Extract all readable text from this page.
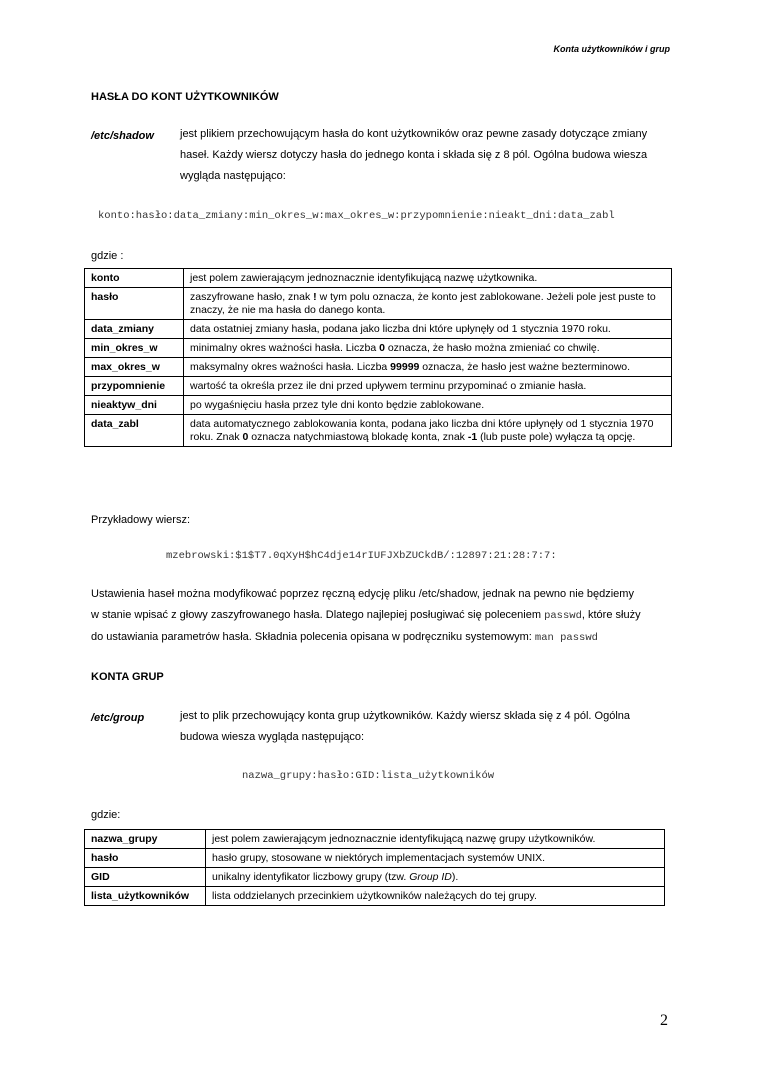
Konta użytkowników i grup
HASŁA DO KONT UŻYTKOWNIKÓW
/etc/shadow jest plikiem przechowującym hasła do kont użytkowników oraz pewne zasady dotyczące zmiany
haseł. Każdy wiersz dotyczy hasła do jednego konta i składa się z 8 pól. Ogólna budowa wiesza
wygląda następująco:
konto:hasło:data_zmiany:min_okres_w:max_okres_w:przypomnienie:nieakt_dni:data_zabl
gdzie :
konto	jest polem zawierającym jednoznacznie identyfikującą nazwę użytkownika.
hasło	zaszyfrowane hasło, znak ! w tym polu oznacza, że konto jest zablokowane. Jeżeli pole jest puste to znaczy, że nie ma hasła do danego konta.
data_zmiany	data ostatniej zmiany hasła, podana jako liczba dni które upłynęły od 1 stycznia 1970 roku.
min_okres_w	minimalny okres ważności hasła. Liczba 0 oznacza, że hasło można zmieniać co chwilę.
max_okres_w	maksymalny okres ważności hasła. Liczba 99999 oznacza, że hasło jest ważne bezterminowo.
przypomnienie	wartość ta określa przez ile dni przed upływem terminu przypominać o zmianie hasła.
nieaktyw_dni	po wygaśnięciu hasła przez tyle dni konto będzie zablokowane.
data_zabl	data automatycznego zablokowania konta, podana jako liczba dni które upłynęły od 1 stycznia 1970 roku. Znak 0 oznacza natychmiastową blokadę konta, znak -1 (lub puste pole) wyłącza tą opcję.
Przykładowy wiersz:
mzebrowski:$1$T7.0qXyH$hC4dje14rIUFJXbZUCkdB/:12897:21:28:7:7:
Ustawienia haseł można modyfikować poprzez ręczną edycję pliku /etc/shadow, jednak na pewno nie będziemy
w stanie wpisać z głowy zaszyfrowanego hasła. Dlatego najlepiej posługiwać się poleceniem passwd, które służy
do ustawiania parametrów hasła. Składnia polecenia opisana w podręczniku systemowym: man passwd
KONTA GRUP
/etc/group	jest to plik przechowujący konta grup użytkowników. Każdy wiersz składa się z 4 pól. Ogólna
budowa wiesza wygląda następująco:
nazwa_grupy:hasło:GID:lista_użytkowników
gdzie:
nazwa_grupy	jest polem zawierającym jednoznacznie identyfikującą nazwę grupy użytkowników.
hasło	hasło grupy, stosowane w niektórych implementacjach systemów UNIX.
GID	unikalny identyfikator liczbowy grupy (tzw. Group ID).
lista_użytkowników	lista oddzielanych przecinkiem użytkowników należących do tej grupy.
2
